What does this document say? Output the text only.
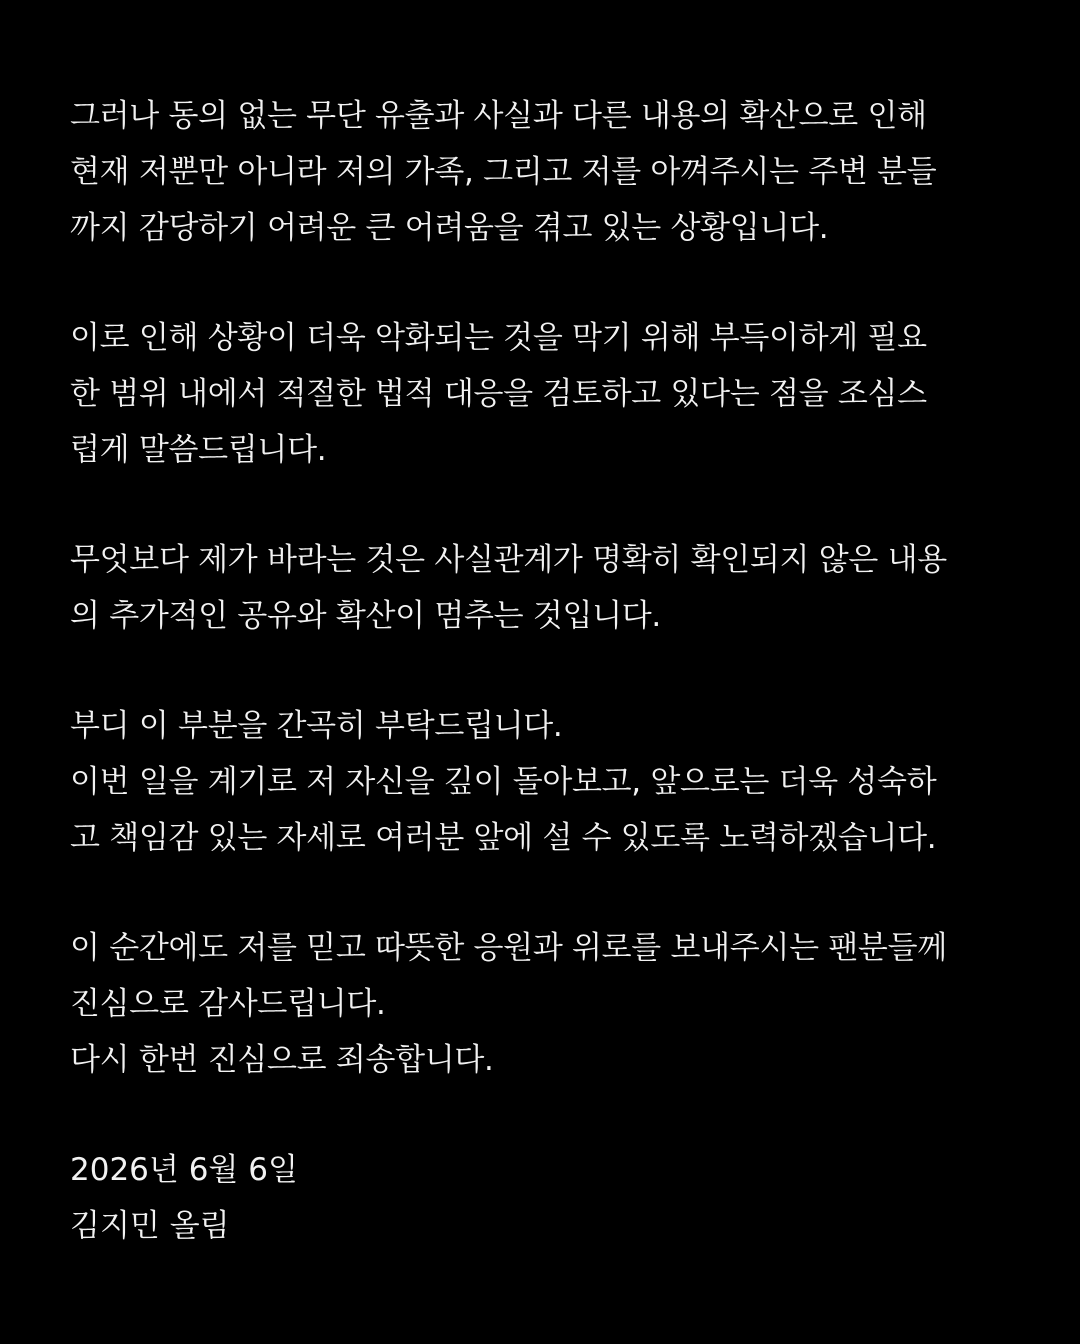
그러나 동의 없는 무단 유출과 사실과 다른 내용의 확산으로 인해
현재 저뿐만 아니라 저의 가족, 그리고 저를 아껴주시는 주변 분들
까지 감당하기 어려운 큰 어려움을 겪고 있는 상황입니다.
이로 인해 상황이 더욱 악화되는 것을 막기 위해 부득이하게 필요
한 범위 내에서 적절한 법적 대응을 검토하고 있다는 점을 조심스
럽게 말씀드립니다.
무엇보다 제가 바라는 것은 사실관계가 명확히 확인되지 않은 내용
의 추가적인 공유와 확산이 멈추는 것입니다.
부디 이 부분을 간곡히 부탁드립니다.
이번 일을 계기로 저 자신을 깊이 돌아보고, 앞으로는 더욱 성숙하
고 책임감 있는 자세로 여러분 앞에 설 수 있도록 노력하겠습니다.
이 순간에도 저를 믿고 따뜻한 응원과 위로를 보내주시는 팬분들께
진심으로 감사드립니다.
다시 한번 진심으로 죄송합니다.
2026년 6월 6일
김지민 올림
